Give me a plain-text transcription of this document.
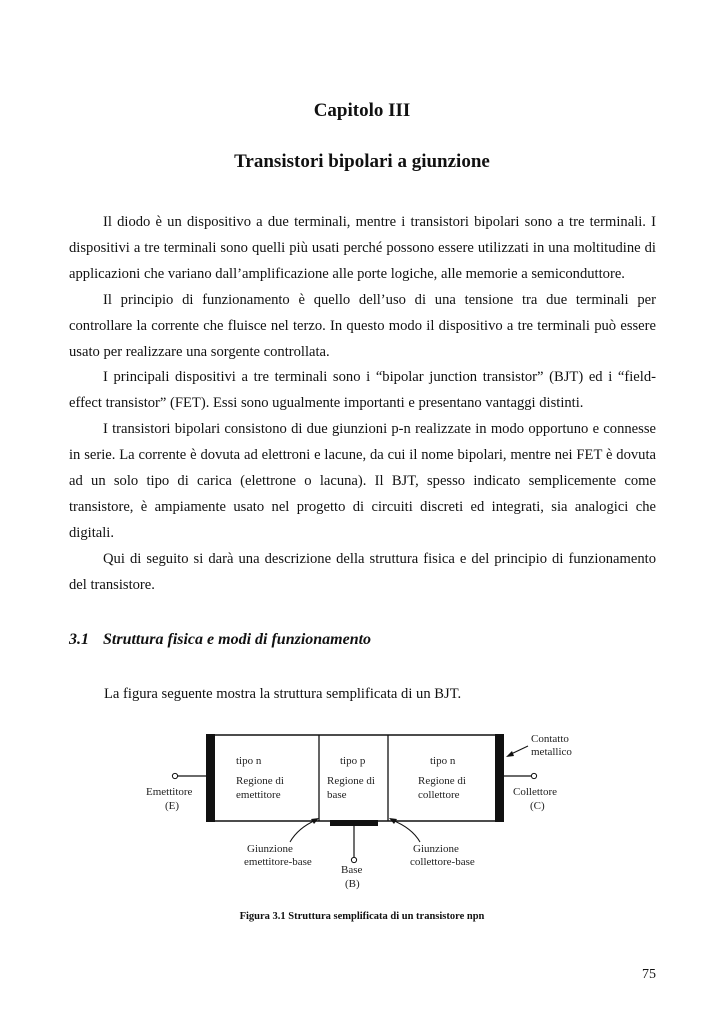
Capitolo III
Transistori bipolari a giunzione

Il diodo è un dispositivo a due terminali, mentre i transistori bipolari sono a tre terminali. I dispositivi a tre terminali sono quelli più usati perché possono essere utilizzati in una moltitudine di applicazioni che variano dall’amplificazione alle porte logiche, alle memorie a semiconduttore.

Il principio di funzionamento è quello dell’uso di una tensione tra due terminali per controllare la corrente che fluisce nel terzo. In questo modo il dispositivo a tre terminali può essere usato per realizzare una sorgente controllata.

I principali dispositivi a tre terminali sono i “bipolar junction transistor” (BJT) ed i “field-effect transistor” (FET). Essi sono ugualmente importanti e presentano vantaggi distinti.

I transistori bipolari consistono di due giunzioni p-n realizzate in modo opportuno e connesse in serie. La corrente è dovuta ad elettroni e lacune, da cui il nome bipolari, mentre nei FET è dovuta ad un solo tipo di carica (elettrone o lacuna). Il BJT, spesso indicato semplicemente come transistore, è ampiamente usato nel progetto di circuiti discreti ed integrati, sia analogici che digitali.

Qui di seguito si darà una descrizione della struttura fisica e del principio di funzionamento del transistore.

3.1 Struttura fisica e modi di funzionamento
La figura seguente mostra la struttura semplificata di un BJT.
tipo n
Regione di
emettitore
tipo p
Regione di
base
tipo n
Regione di
collettore
Contatto
metallico
Emettitore
(E)
Collettore
(C)
Base
(B)
Giunzione
emettitore-base
Giunzione
collettore-base
Figura 3.1 Struttura semplificata di un transistore npn
75
